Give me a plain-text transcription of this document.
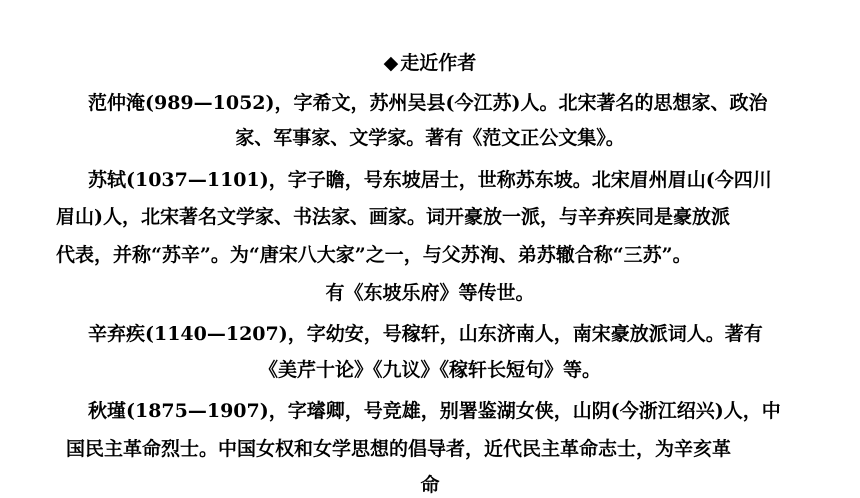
◆ 走近作者
范仲淹(989—1052)，字希文，苏州吴县(今江苏)人。北宋著名的思想家、政治
家、军事家、文学家。著有《范文正公文集》。
苏轼(1037—1101)，字子瞻，号东坡居士，世称苏东坡。北宋眉州眉山(今四川
眉山)人，北宋著名文学家、书法家、画家。词开豪放一派，与辛弃疾同是豪放派
代表，并称“苏辛”。为“唐宋八大家”之一，与父苏洵、弟苏辙合称“三苏”。
有《东坡乐府》等传世。
辛弃疾(1140—1207)，字幼安，号稼轩，山东济南人，南宋豪放派词人。著有
《美芹十论》《九议》《稼轩长短句》等。
秋瑾(1875—1907)，字璿卿，号竞雄，别署鉴湖女侠，山阴(今浙江绍兴)人，中
国民主革命烈士。中国女权和女学思想的倡导者，近代民主革命志士，为辛亥革
命
